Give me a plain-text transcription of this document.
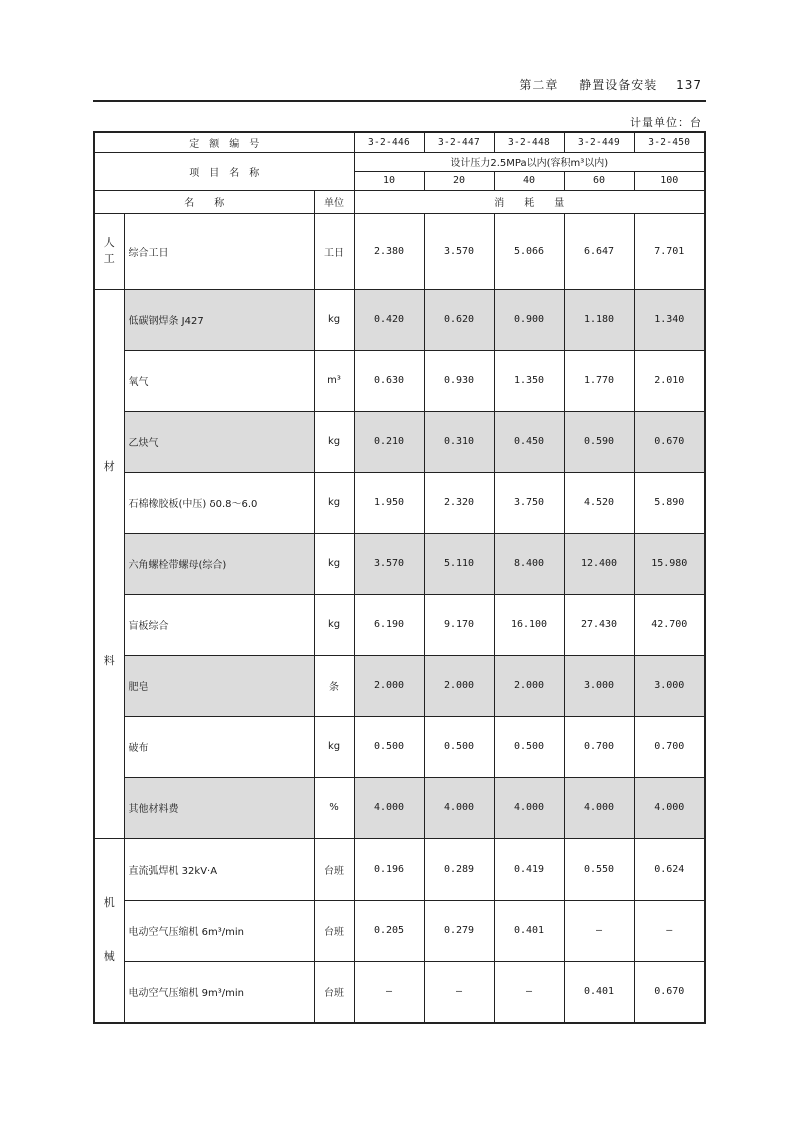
第二章 静置设备安装 137
计量单位：台
定　额　编　号			3-2-446	3-2-447	3-2-448	3-2-449	3-2-450
项　目　名　称			设计压力2.5MPa以内(容积m³以内)				
			10	20	40	60	100
名　　称		单位	消　　耗　　量				
人
工	综合工日	工日	2.380	3.570	5.066	6.647	7.701
材
料	低碳钢焊条 J427	kg	0.420	0.620	0.900	1.180	1.340
	氧气	m³	0.630	0.930	1.350	1.770	2.010
	乙炔气	kg	0.210	0.310	0.450	0.590	0.670
	石棉橡胶板(中压) δ0.8～6.0	kg	1.950	2.320	3.750	4.520	5.890
	六角螺栓带螺母(综合)	kg	3.570	5.110	8.400	12.400	15.980
	盲板综合	kg	6.190	9.170	16.100	27.430	42.700
	肥皂	条	2.000	2.000	2.000	3.000	3.000
	破布	kg	0.500	0.500	0.500	0.700	0.700
	其他材料费	%	4.000	4.000	4.000	4.000	4.000
机
械	直流弧焊机 32kV·A	台班	0.196	0.289	0.419	0.550	0.624
	电动空气压缩机 6m³/min	台班	0.205	0.279	0.401	—	—
	电动空气压缩机 9m³/min	台班	—	—	—	0.401	0.670
